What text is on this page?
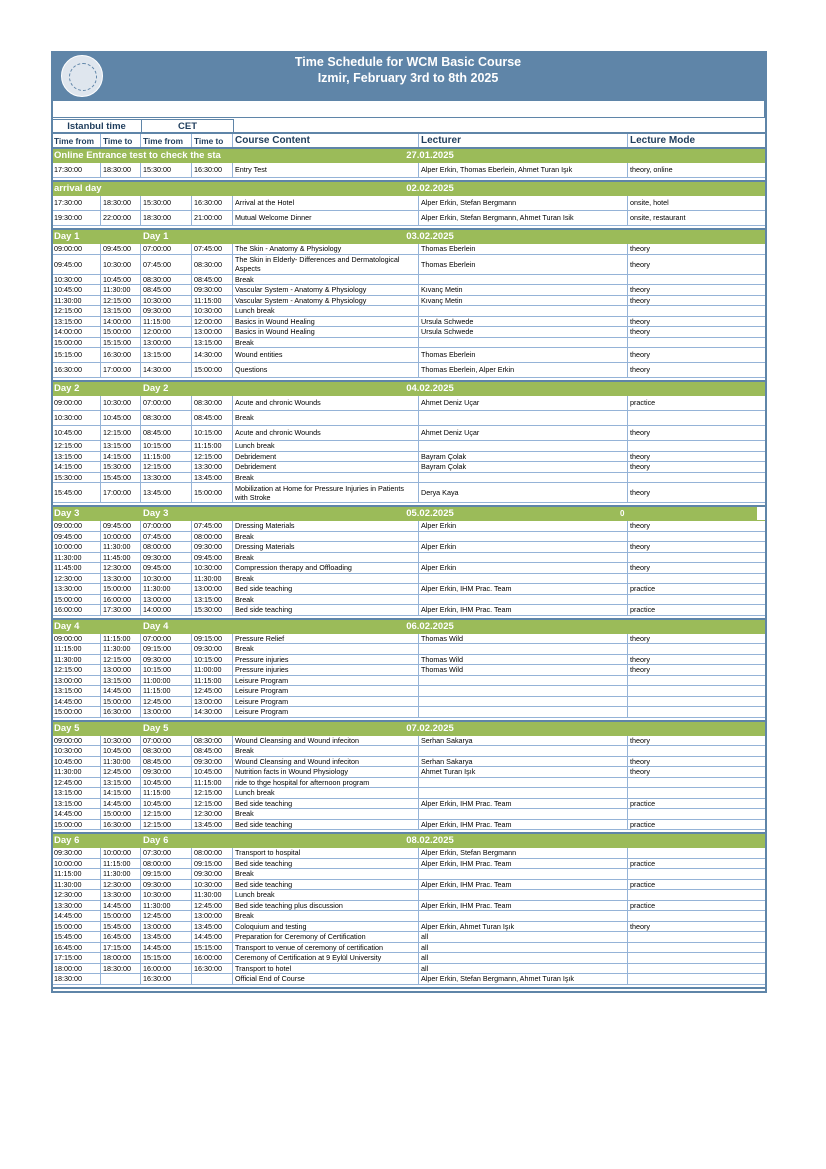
Time Schedule for WCM Basic Course
Izmir, February 3rd to 8th 2025
Istanbul time	CET
Time from	Time to	Time from	Time to	Course Content	Lecturer	Lecture Mode
Online Entrance test to check the sta	27.01.2025	
17:30:00	18:30:00	15:30:00	16:30:00	Entry Test	Alper Erkin, Thomas Eberlein, Ahmet Turan Işık	theory, online

arrival day		02.02.2025	
17:30:00	18:30:00	15:30:00	16:30:00	Arrival at the Hotel	Alper Erkin, Stefan Bergmann	onsite, hotel
19:30:00	22:00:00	18:30:00	21:00:00	Mutual Welcome Dinner	Alper Erkin, Stefan Bergmann, Ahmet Turan Isik	onsite, restaurant

Day 1	Day 1	03.02.2025	
09:00:00	09:45:00	07:00:00	07:45:00	The Skin - Anatomy & Physiology	Thomas Eberlein	theory
09:45:00	10:30:00	07:45:00	08:30:00	The Skin in Elderly- Differences and Dermatological Aspects	Thomas Eberlein	theory
10:30:00	10:45:00	08:30:00	08:45:00	Break		
10:45:00	11:30:00	08:45:00	09:30:00	Vascular System - Anatomy & Physiology	Kıvanç Metin	theory
11:30:00	12:15:00	10:30:00	11:15:00	Vascular System - Anatomy & Physiology	Kıvanç Metin	theory
12:15:00	13:15:00	09:30:00	10:30:00	Lunch break		
13:15:00	14:00:00	11:15:00	12:00:00	Basics in Wound Healing	Ursula Schwede	theory
14:00:00	15:00:00	12:00:00	13:00:00	Basics in Wound Healing	Ursula Schwede	theory
15:00:00	15:15:00	13:00:00	13:15:00	Break		
15:15:00	16:30:00	13:15:00	14:30:00	Wound entities	Thomas Eberlein	theory
16:30:00	17:00:00	14:30:00	15:00:00	Questions	Thomas Eberlein, Alper Erkin	theory

Day 2	Day 2	04.02.2025	
09:00:00	10:30:00	07:00:00	08:30:00	Acute and chronic Wounds	Ahmet Deniz Uçar	practice
10:30:00	10:45:00	08:30:00	08:45:00	Break		
10:45:00	12:15:00	08:45:00	10:15:00	Acute and chronic Wounds	Ahmet Deniz Uçar	theory
12:15:00	13:15:00	10:15:00	11:15:00	Lunch break		
13:15:00	14:15:00	11:15:00	12:15:00	Debridement	Bayram Çolak	theory
14:15:00	15:30:00	12:15:00	13:30:00	Debridement	Bayram Çolak	theory
15:30:00	15:45:00	13:30:00	13:45:00	Break		
15:45:00	17:00:00	13:45:00	15:00:00	Mobilization at Home for Pressure Injuries in Patients with Stroke	Derya Kaya	theory

Day 3	Day 3	05.02.2025	0
09:00:00	09:45:00	07:00:00	07:45:00	Dressing Materials	Alper Erkin	theory
09:45:00	10:00:00	07:45:00	08:00:00	Break		
10:00:00	11:30:00	08:00:00	09:30:00	Dressing Materials	Alper Erkin	theory
11:30:00	11:45:00	09:30:00	09:45:00	Break		
11:45:00	12:30:00	09:45:00	10:30:00	Compression therapy and Offloading	Alper Erkin	theory
12:30:00	13:30:00	10:30:00	11:30:00	Break		
13:30:00	15:00:00	11:30:00	13:00:00	Bed side teaching	Alper Erkin, IHM Prac. Team	practice
15:00:00	16:00:00	13:00:00	13:15:00	Break		
16:00:00	17:30:00	14:00:00	15:30:00	Bed side teaching	Alper Erkin, IHM Prac. Team	practice

Day 4	Day 4	06.02.2025	
09:00:00	11:15:00	07:00:00	09:15:00	Pressure Relief	Thomas Wild	theory
11:15:00	11:30:00	09:15:00	09:30:00	Break		
11:30:00	12:15:00	09:30:00	10:15:00	Pressure injuries	Thomas Wild	theory
12:15:00	13:00:00	10:15:00	11:00:00	Pressure injuries	Thomas Wild	theory
13:00:00	13:15:00	11:00:00	11:15:00	Leisure Program		
13:15:00	14:45:00	11:15:00	12:45:00	Leisure Program		
14:45:00	15:00:00	12:45:00	13:00:00	Leisure Program		
15:00:00	16:30:00	13:00:00	14:30:00	Leisure Program		

Day 5	Day 5	07.02.2025	
09:00:00	10:30:00	07:00:00	08:30:00	Wound Cleansing and Wound infeciton	Serhan Sakarya	theory
10:30:00	10:45:00	08:30:00	08:45:00	Break		
10:45:00	11:30:00	08:45:00	09:30:00	Wound Cleansing and Wound infeciton	Serhan Sakarya	theory
11:30:00	12:45:00	09:30:00	10:45:00	Nutrition facts in Wound Physiology	Ahmet Turan Işık	theory
12:45:00	13:15:00	10:45:00	11:15:00	ride to thge hospital for afternoon program		
13:15:00	14:15:00	11:15:00	12:15:00	Lunch break		
13:15:00	14:45:00	10:45:00	12:15:00	Bed side teaching	Alper Erkin, IHM Prac. Team	practice
14:45:00	15:00:00	12:15:00	12:30:00	Break		
15:00:00	16:30:00	12:15:00	13:45:00	Bed side teaching	Alper Erkin, IHM Prac. Team	practice

Day 6	Day 6	08.02.2025	
09:30:00	10:00:00	07:30:00	08:00:00	Transport to hospital	Alper Erkin, Stefan Bergmann	
10:00:00	11:15:00	08:00:00	09:15:00	Bed side teaching	Alper Erkin, IHM Prac. Team	practice
11:15:00	11:30:00	09:15:00	09:30:00	Break		
11:30:00	12:30:00	09:30:00	10:30:00	Bed side teaching	Alper Erkin, IHM Prac. Team	practice
12:30:00	13:30:00	10:30:00	11:30:00	Lunch break		
13:30:00	14:45:00	11:30:00	12:45:00	Bed side teaching plus discussion	Alper Erkin, IHM Prac. Team	practice
14:45:00	15:00:00	12:45:00	13:00:00	Break		
15:00:00	15:45:00	13:00:00	13:45:00	Coloquium and testing	Alper Erkin, Ahmet Turan Işık	theory
15:45:00	16:45:00	13:45:00	14:45:00	Preparation for Ceremony of Certification	all	
16:45:00	17:15:00	14:45:00	15:15:00	Transport to venue of ceremony of certification	all	
17:15:00	18:00:00	15:15:00	16:00:00	Ceremony of Certification at 9 Eylül University	all	
18:00:00	18:30:00	16:00:00	16:30:00	Transport to hotel	all	
18:30:00		16:30:00		Official End of Course	Alper Erkin, Stefan Bergmann, Ahmet Turan Işık	
